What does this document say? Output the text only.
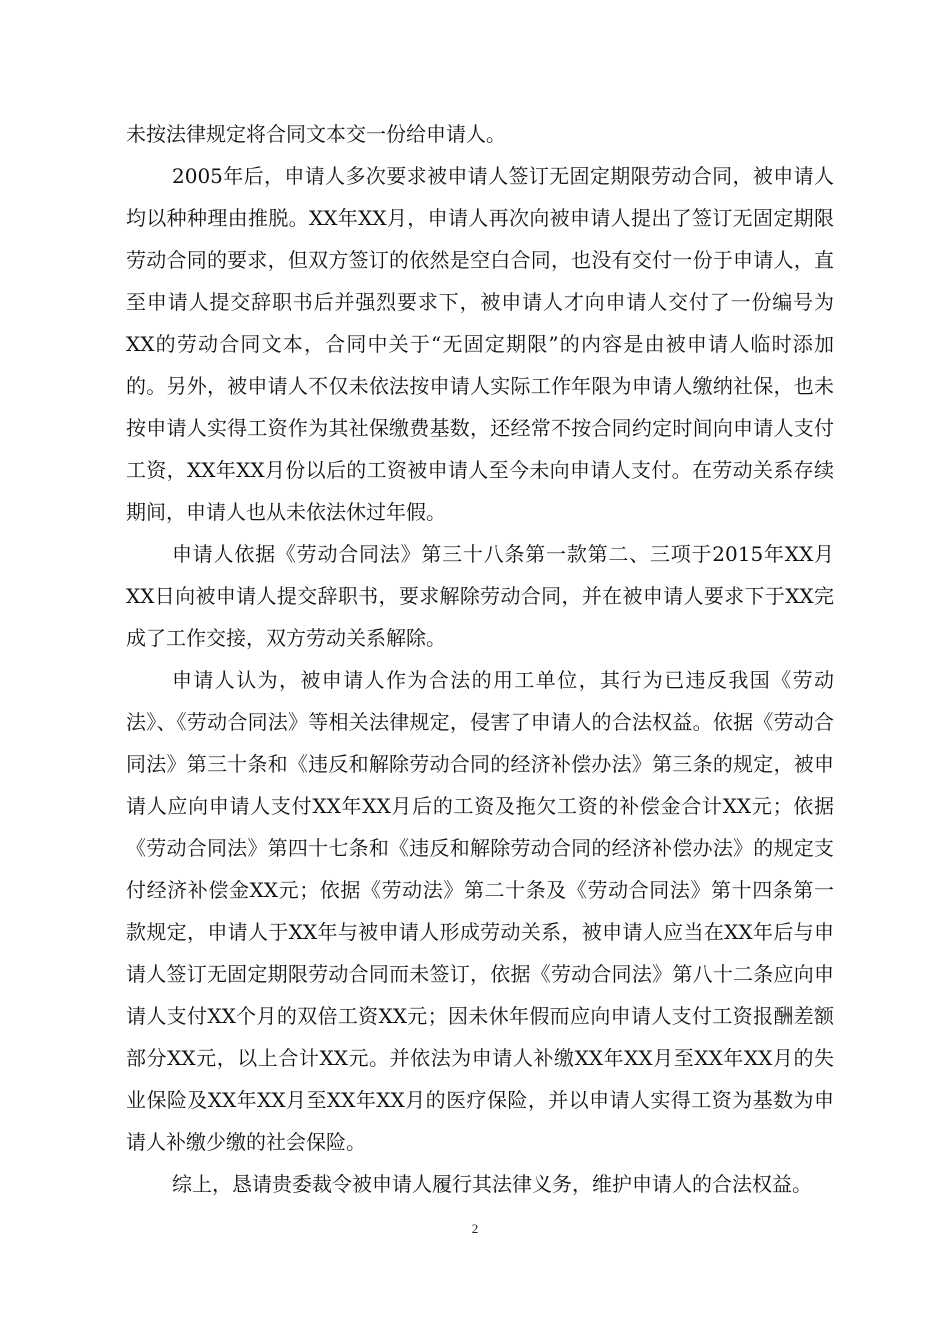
未按法律规定将合同文本交一份给申请人。

2005年后，申请人多次要求被申请人签订无固定期限劳动合同，被申请人均以种种理由推脱。XX年XX月，申请人再次向被申请人提出了签订无固定期限劳动合同的要求，但双方签订的依然是空白合同，也没有交付一份于申请人，直至申请人提交辞职书后并强烈要求下，被申请人才向申请人交付了一份编号为XX的劳动合同文本，合同中关于“无固定期限”的内容是由被申请人临时添加的。另外，被申请人不仅未依法按申请人实际工作年限为申请人缴纳社保，也未按申请人实得工资作为其社保缴费基数，还经常不按合同约定时间向申请人支付工资，XX年XX月份以后的工资被申请人至今未向申请人支付。在劳动关系存续期间，申请人也从未依法休过年假。

申请人依据《劳动合同法》第三十八条第一款第二、三项于2015年XX月XX日向被申请人提交辞职书，要求解除劳动合同，并在被申请人要求下于XX完成了工作交接，双方劳动关系解除。

申请人认为，被申请人作为合法的用工单位，其行为已违反我国《劳动法》、《劳动合同法》等相关法律规定，侵害了申请人的合法权益。依据《劳动合同法》第三十条和《违反和解除劳动合同的经济补偿办法》第三条的规定，被申请人应向申请人支付XX年XX月后的工资及拖欠工资的补偿金合计XX元；依据《劳动合同法》第四十七条和《违反和解除劳动合同的经济补偿办法》的规定支付经济补偿金XX元；依据《劳动法》第二十条及《劳动合同法》第十四条第一款规定，申请人于XX年与被申请人形成劳动关系，被申请人应当在XX年后与申请人签订无固定期限劳动合同而未签订，依据《劳动合同法》第八十二条应向申请人支付XX个月的双倍工资XX元；因未休年假而应向申请人支付工资报酬差额部分XX元，以上合计XX元。并依法为申请人补缴XX年XX月至XX年XX月的失业保险及XX年XX月至XX年XX月的医疗保险，并以申请人实得工资为基数为申请人补缴少缴的社会保险。

综上，恳请贵委裁令被申请人履行其法律义务，维护申请人的合法权益。

2
